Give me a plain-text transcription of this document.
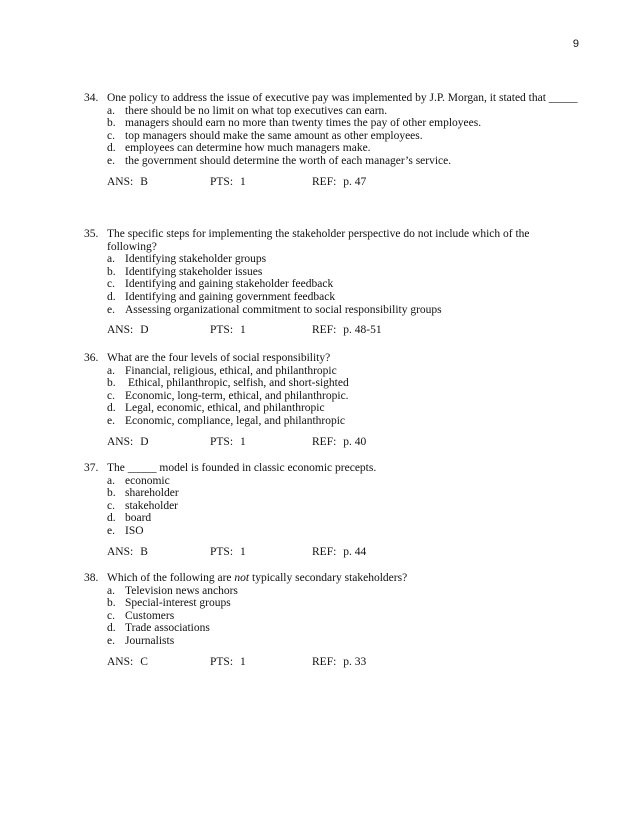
9
34. One policy to address the issue of executive pay was implemented by J.P. Morgan, it stated that _____
a. there should be no limit on what top executives can earn.
b. managers should earn no more than twenty times the pay of other employees.
c. top managers should make the same amount as other employees.
d. employees can determine how much managers make.
e. the government should determine the worth of each manager’s service.
ANS: B	PTS: 1	REF: p. 47
35. The specific steps for implementing the stakeholder perspective do not include which of the following?
a. Identifying stakeholder groups
b. Identifying stakeholder issues
c. Identifying and gaining stakeholder feedback
d. Identifying and gaining government feedback
e. Assessing organizational commitment to social responsibility groups
ANS: D	PTS: 1	REF: p. 48-51
36. What are the four levels of social responsibility?
a. Financial, religious, ethical, and philanthropic
b.	Ethical, philanthropic, selfish, and short-sighted
c. Economic, long-term, ethical, and philanthropic.
d. Legal, economic, ethical, and philanthropic
e. Economic, compliance, legal, and philanthropic
ANS: D	PTS: 1	REF: p. 40
37. The _____ model is founded in classic economic precepts.
a. economic
b. shareholder
c. stakeholder
d. board
e. ISO
ANS: B	PTS: 1	REF: p. 44
38. Which of the following are not typically secondary stakeholders?
a. Television news anchors
b. Special-interest groups
c. Customers
d. Trade associations
e. Journalists
ANS: C	PTS: 1	REF: p. 33
